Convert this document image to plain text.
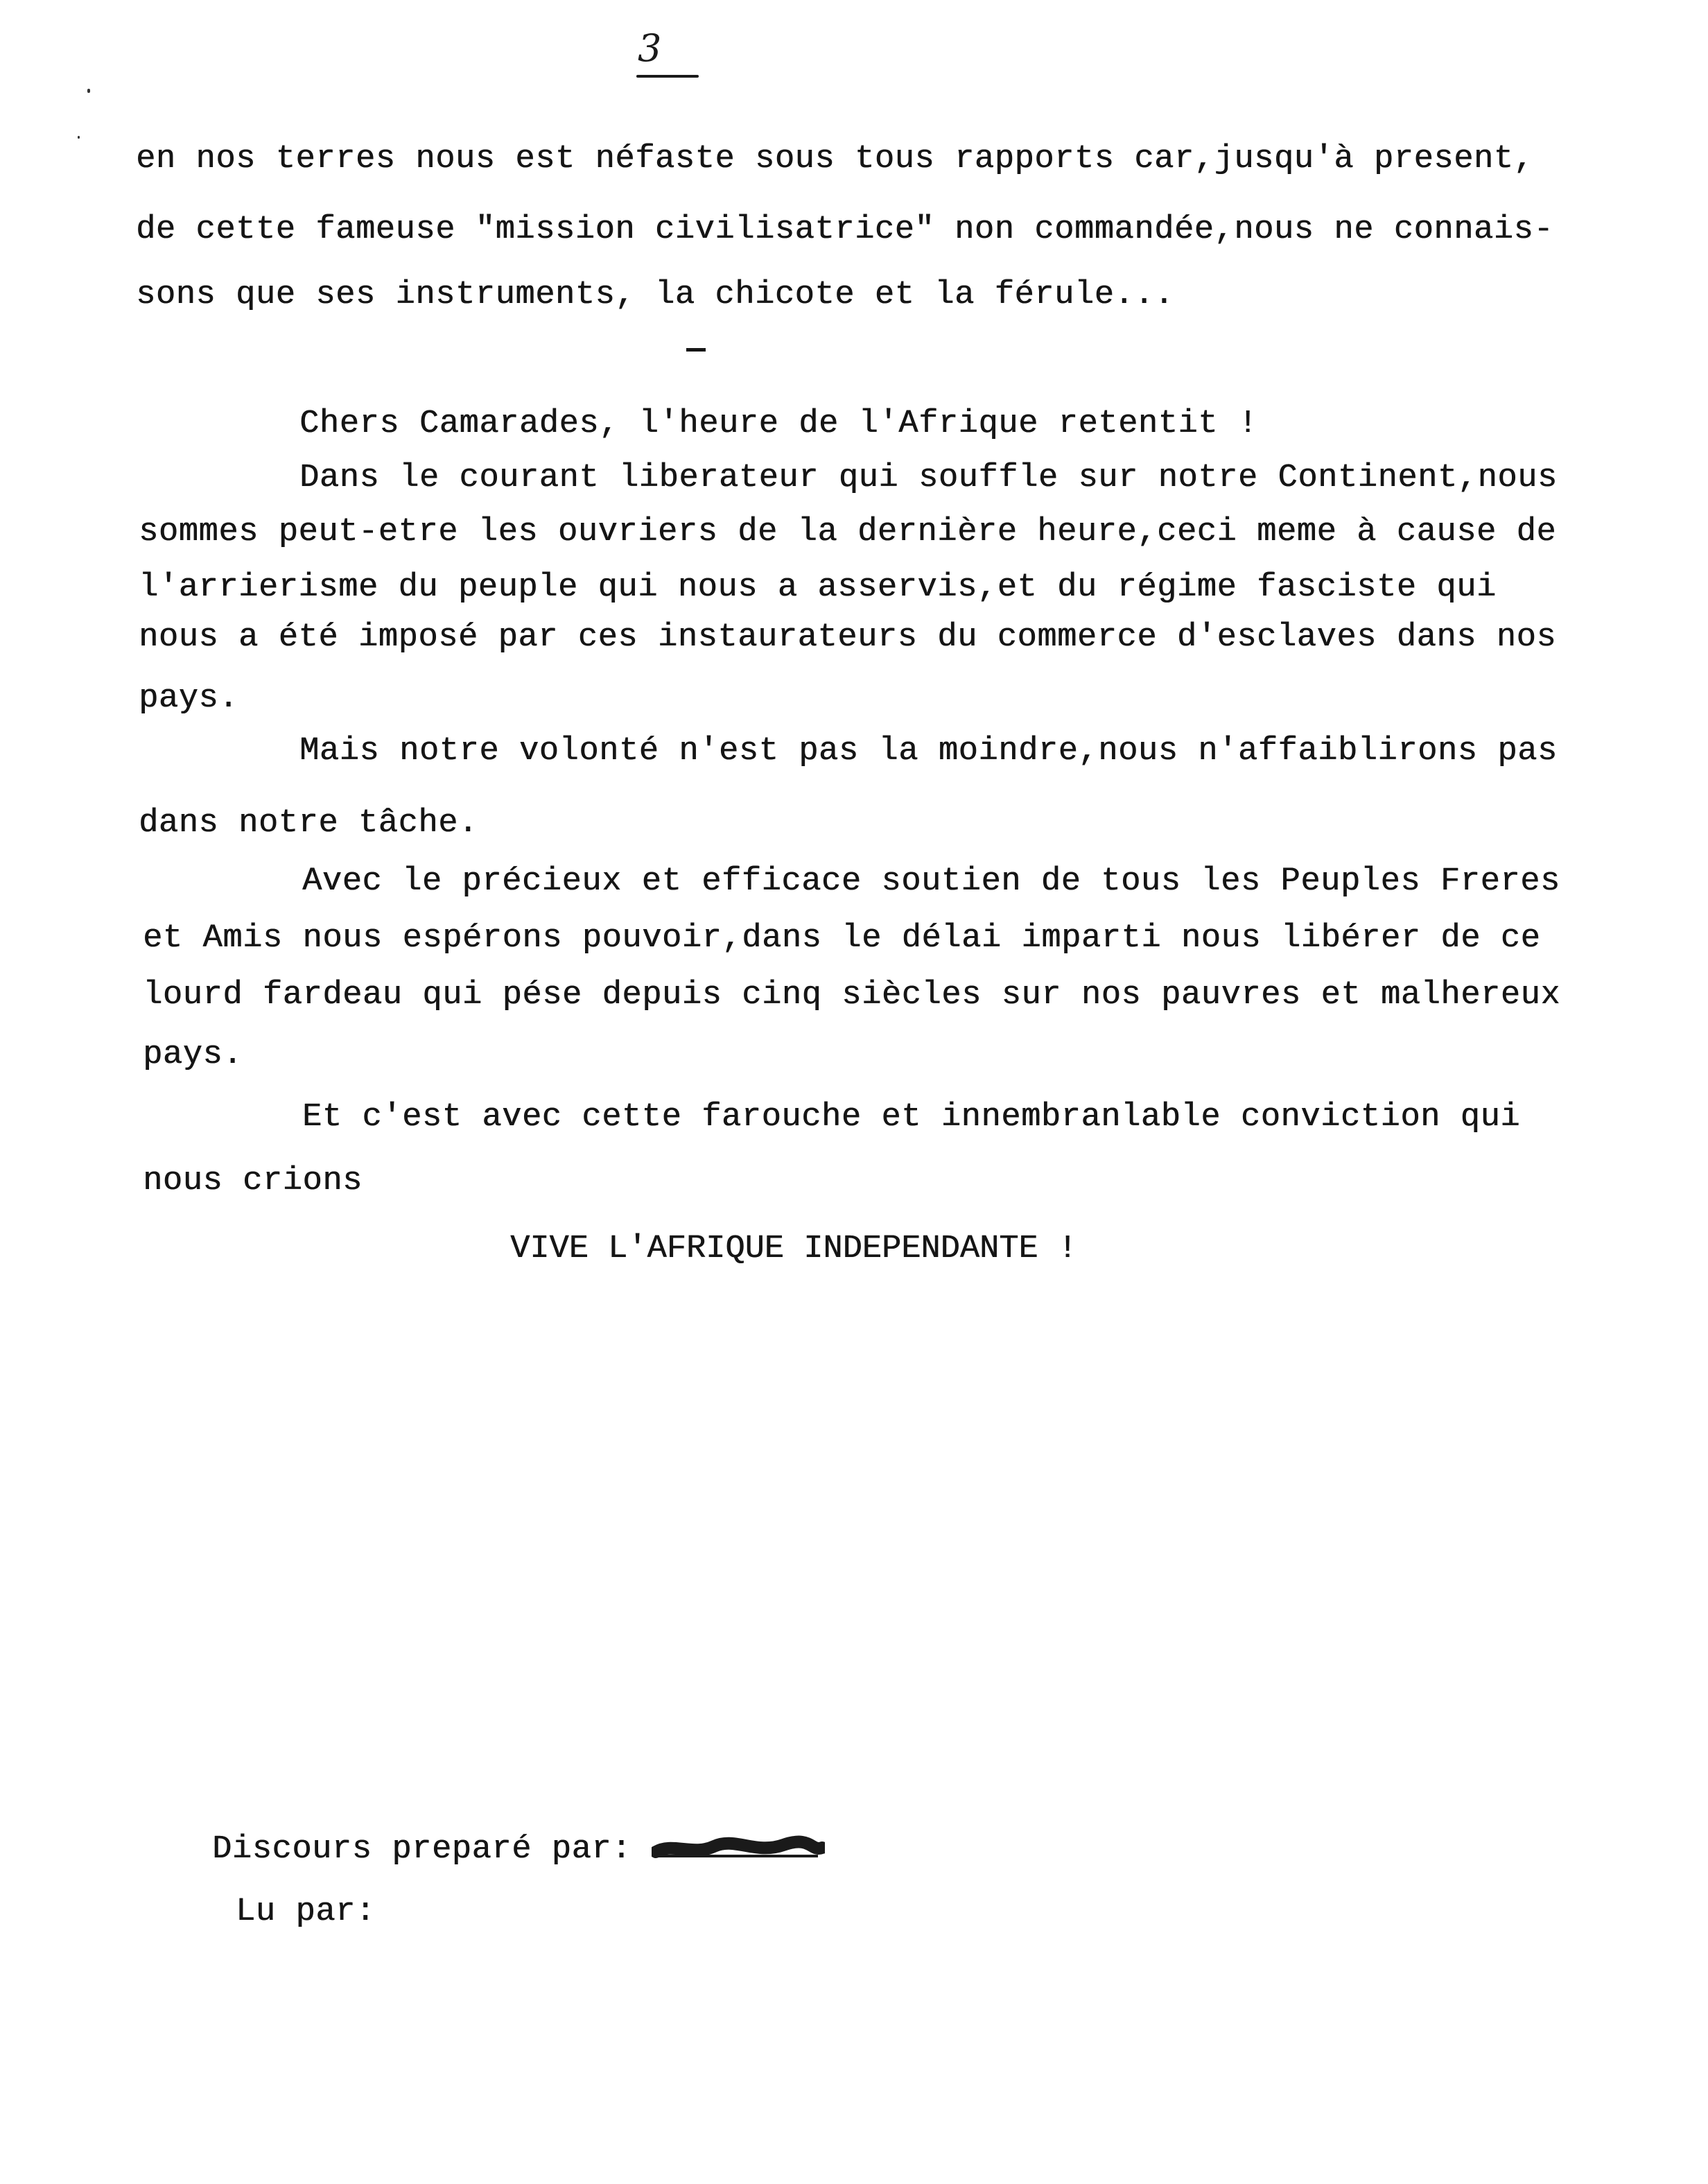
3
en nos terres nous est néfaste sous tous rapports car,jusqu'à present,
de cette fameuse "mission civilisatrice" non commandée,nous ne connais-
sons que ses instruments, la chicote et la férule...
Chers Camarades, l'heure de l'Afrique retentit !
Dans le courant liberateur qui souffle sur notre Continent,nous
sommes peut-etre les ouvriers de la dernière heure,ceci meme à cause de
l'arrierisme du peuple qui nous a asservis,et du régime fasciste qui
nous a été imposé par ces instaurateurs du commerce d'esclaves dans nos
pays.
Mais notre volonté n'est pas la moindre,nous n'affaiblirons pas
dans notre tâche.
Avec le précieux et efficace soutien de tous les Peuples Freres
et Amis nous espérons pouvoir,dans le délai imparti nous libérer de ce
lourd fardeau qui pése depuis cinq siècles sur nos pauvres et malhereux
pays.
Et c'est avec cette farouche et innembranlable conviction qui
nous crions
VIVE L'AFRIQUE INDEPENDANTE !
Discours preparé par:
Lu par:
